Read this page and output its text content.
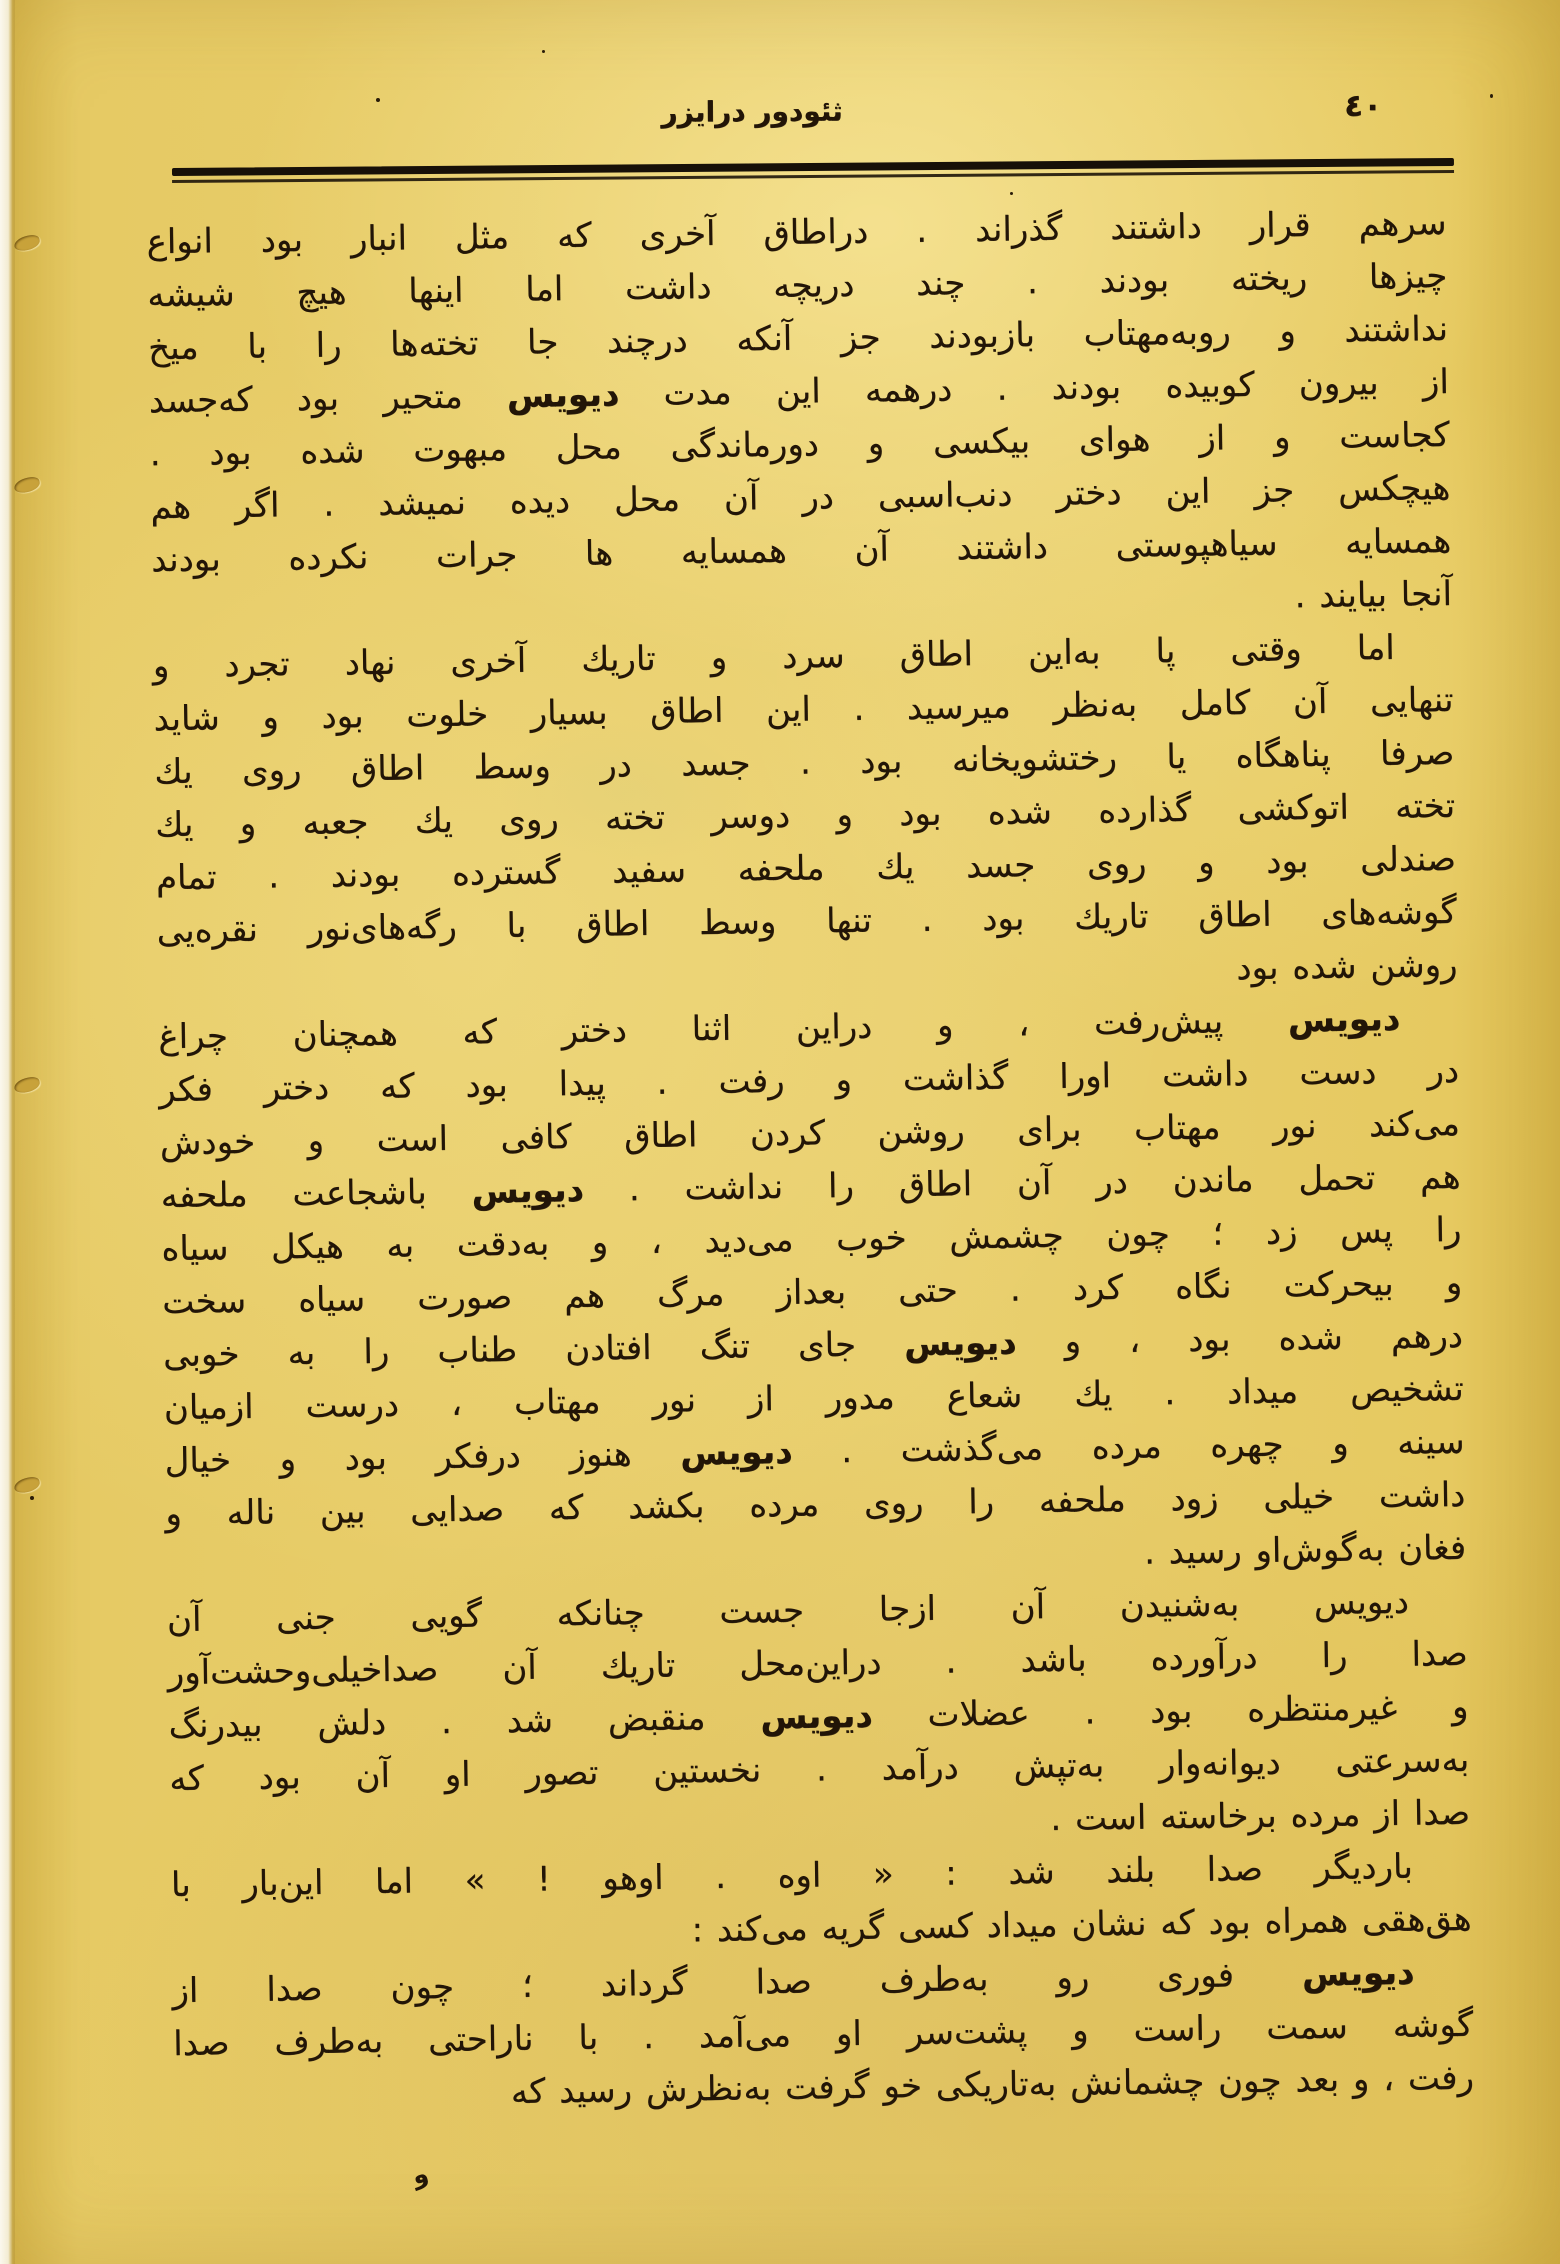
٤٠
ثئودور درایزر
سرهم قرار داشتند گذراند . دراطاق آخری که مثل انبار بود انواع
چیزها ریخته بودند . چند دریچه داشت اما اینها هیچ شیشه
نداشتند و روبه‌مهتاب بازبودند جز آنکه درچند جا تخته‌ها را با میخ
از بیرون کوبیده بودند . درهمه این مدت دیویس متحیر بود که‌جسد
کجاست و از هوای بیکسی و دورماندگی محل مبهوت شده بود .
هیچکس جز این دختر دنب‌اسبی در آن محل دیده نمیشد . اگر هم
همسایه سیاهپوستی داشتند آن همسایه ها جرات نکرده بودند
آنجا بیایند .
اما وقتی پا به‌این اطاق سرد و تاریك آخری نهاد تجرد و
تنهایی آن کامل به‌نظر میرسید . این اطاق بسیار خلوت بود و شاید
صرفا پناهگاه یا رختشویخانه بود . جسد در وسط اطاق روی یك
تخته اتوکشی گذارده شده بود و دوسر تخته روی یك جعبه و یك
صندلی بود و روی جسد یك ملحفه سفید گسترده بودند . تمام
گوشه‌های اطاق تاریك بود . تنها وسط اطاق با رگه‌های‌نور نقره‌یی
روشن شده بود
دیویس پیش‌رفت ، و دراین اثنا دختر که همچنان چراغ
در دست داشت اورا گذاشت و رفت . پیدا بود که دختر فکر
می‌کند نور مهتاب برای روشن کردن اطاق کافی است و خودش
هم تحمل ماندن در آن اطاق را نداشت . دیویس باشجاعت ملحفه
را پس زد ؛ چون چشمش خوب می‌دید ، و به‌دقت به هیکل سیاه
و بیحرکت نگاه کرد . حتی بعداز مرگ هم صورت سیاه سخت
درهم شده بود ، و دیویس جای تنگ افتادن طناب را به خوبی
تشخیص میداد . یك شعاع مدور از نور مهتاب ، درست ازمیان
سینه و چهره مرده می‌گذشت . دیویس هنوز درفکر بود و خیال
داشت خیلی زود ملحفه را روی مرده بکشد که صدایی بین ناله و
فغان به‌گوش‌او رسید .
دیویس به‌شنیدن آن ازجا جست چنانکه گویی جنی آن
صدا را درآورده باشد . دراین‌محل تاریك آن صداخیلی‌وحشت‌آور
و غیرمنتظره بود . عضلات دیویس منقبض شد . دلش بیدرنگ
به‌سرعتی دیوانه‌وار به‌تپش درآمد . نخستین تصور او آن بود که
صدا از مرده برخاسته است .
باردیگر صدا بلند شد : « اوه . اوهو ! » اما این‌بار با
هق‌هقی همراه بود که نشان میداد کسی گریه می‌کند :
دیویس فوری رو به‌طرف صدا گرداند ؛ چون صدا از
گوشه سمت راست و پشت‌سر او می‌آمد . با ناراحتی به‌طرف صدا
رفت ، و بعد چون چشمانش به‌تاریکی خو گرفت به‌نظرش رسید که
و
